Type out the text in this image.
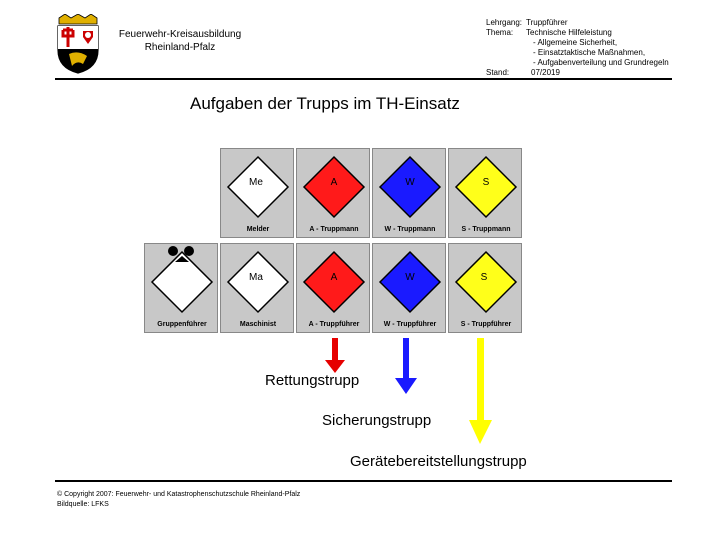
Feuerwehr-Kreisausbildung
Rheinland-Pfalz
Lehrgang: Truppführer
Thema: Technische Hilfeleistung
- Allgemeine Sicherheit,
- Einsatztaktische Maßnahmen,
- Aufgabenverteilung und Grundregeln
Stand:	07/2019
Aufgaben der Trupps im TH-Einsatz
Me
Melder
A
A - Truppmann
W
W - Truppmann
S
S - Truppmann
Gruppenführer
Ma
Maschinist
A
A - Truppführer
W
W - Truppführer
S
S - Truppführer
Rettungstrupp
Sicherungstrupp
Gerätebereitstellungstrupp
© Copyright 2007: Feuerwehr- und Katastrophenschutzschule Rheinland-Pfalz
Bildquelle: LFKS
